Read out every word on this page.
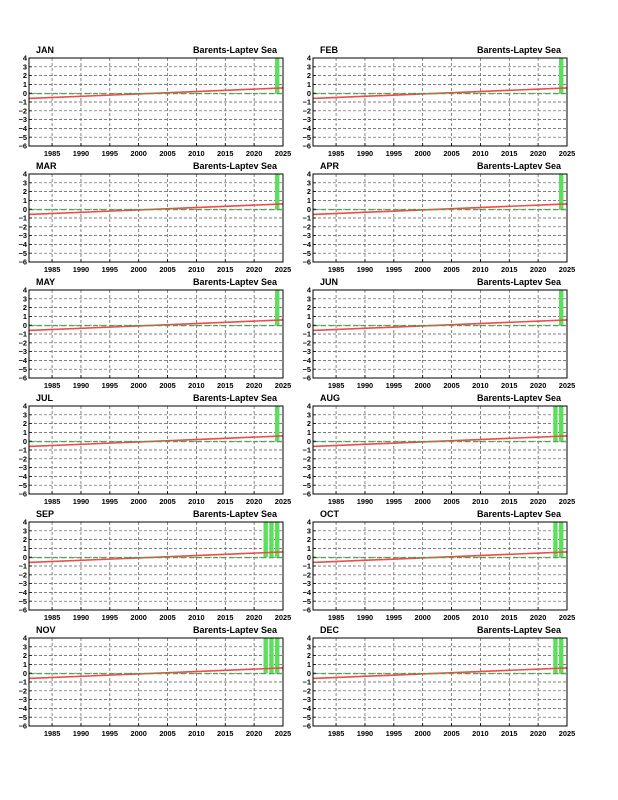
4
3
2
1
0
−1
−2
−3
−4
−5
−6
1985 1990 1995 2000 2005 2010 2015 2020 2025
JAN	Barents-Laptev Sea
4
3
2
1
0
−1
−2
−3
−4
−5
−6
1985 1990 1995 2000 2005 2010 2015 2020 2025
FEB	Barents-Laptev Sea
4
3
2
1
0
−1
−2
−3
−4
−5
−6
1985 1990 1995 2000 2005 2010 2015 2020 2025
MAR	Barents-Laptev Sea
4
3
2
1
0
−1
−2
−3
−4
−5
−6
1985 1990 1995 2000 2005 2010 2015 2020 2025
APR	Barents-Laptev Sea
4
3
2
1
0
−1
−2
−3
−4
−5
−6
1985 1990 1995 2000 2005 2010 2015 2020 2025
MAY	Barents-Laptev Sea
4
3
2
1
0
−1
−2
−3
−4
−5
−6
1985 1990 1995 2000 2005 2010 2015 2020 2025
JUN	Barents-Laptev Sea
4
3
2
1
0
−1
−2
−3
−4
−5
−6
1985 1990 1995 2000 2005 2010 2015 2020 2025
JUL	Barents-Laptev Sea
4
3
2
1
0
−1
−2
−3
−4
−5
−6
1985 1990 1995 2000 2005 2010 2015 2020 2025
AUG	Barents-Laptev Sea
4
3
2
1
0
−1
−2
−3
−4
−5
−6
1985 1990 1995 2000 2005 2010 2015 2020 2025
SEP	Barents-Laptev Sea
4
3
2
1
0
−1
−2
−3
−4
−5
−6
1985 1990 1995 2000 2005 2010 2015 2020 2025
OCT	Barents-Laptev Sea
4
3
2
1
0
−1
−2
−3
−4
−5
−6
1985 1990 1995 2000 2005 2010 2015 2020 2025
NOV	Barents-Laptev Sea
4
3
2
1
0
−1
−2
−3
−4
−5
−6
1985 1990 1995 2000 2005 2010 2015 2020 2025
DEC	Barents-Laptev Sea
